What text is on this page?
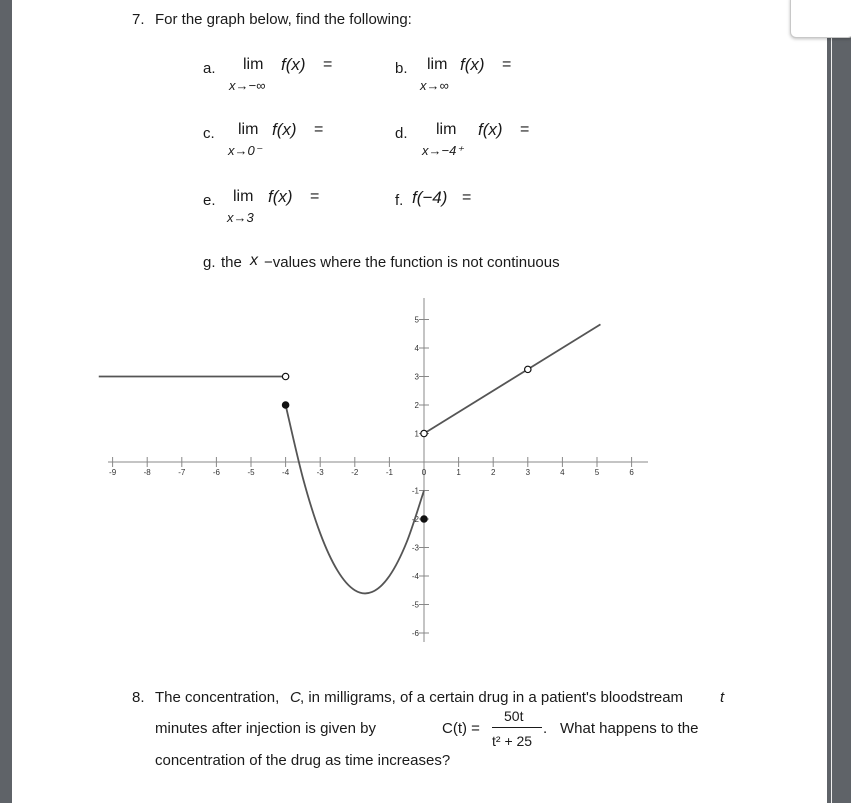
7. For the graph below, find the following:
a. lim f(x) =
x→−∞
b. lim f(x) =
x→∞
c. lim f(x) =
x→0⁻
d. lim f(x) =
x→−4⁺
e. lim f(x) =
x→3
f. f(−4) =
g. the x −values where the function is not continuous
-9	-8	-7	-6	-5	-4	-3	-2	-1	0	1	2	3	4	5	6
-6
-5
-4
-3
-2
-1
1
2
3
4
5
8. The concentration, C , in milligrams, of a certain drug in a patient's bloodstream t
minutes after injection is given by	C(t) =
50t
t² + 25
. What happens to the
concentration of the drug as time increases?
